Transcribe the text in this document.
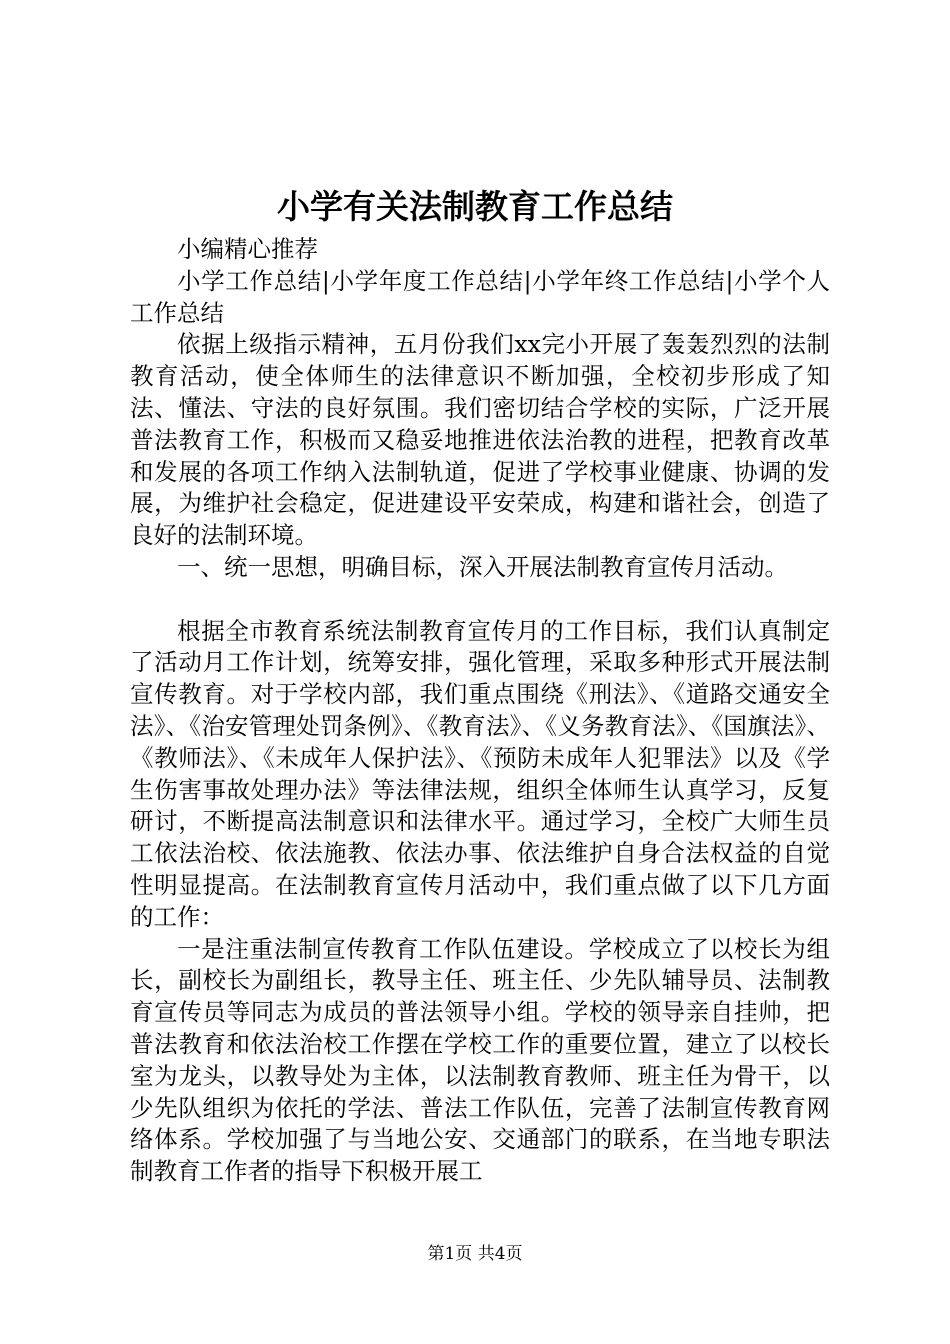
小学有关法制教育工作总结

小编精心推荐

小学工作总结|小学年度工作总结|小学年终工作总结|小学个人工作总结

依据上级指示精神，五月份我们xx完小开展了轰轰烈烈的法制教育活动，使全体师生的法律意识不断加强，全校初步形成了知法、懂法、守法的良好氛围。我们密切结合学校的实际，广泛开展普法教育工作，积极而又稳妥地推进依法治教的进程，把教育改革和发展的各项工作纳入法制轨道，促进了学校事业健康、协调的发展，为维护社会稳定，促进建设平安荣成，构建和谐社会，创造了良好的法制环境。

一、统一思想，明确目标，深入开展法制教育宣传月活动。

根据全市教育系统法制教育宣传月的工作目标，我们认真制定了活动月工作计划，统筹安排，强化管理，采取多种形式开展法制宣传教育。对于学校内部，我们重点围绕《刑法》、《道路交通安全法》、《治安管理处罚条例》、《教育法》、《义务教育法》、《国旗法》、《教师法》、《未成年人保护法》、《预防未成年人犯罪法》以及《学生伤害事故处理办法》等法律法规，组织全体师生认真学习，反复研讨，不断提高法制意识和法律水平。通过学习，全校广大师生员工依法治校、依法施教、依法办事、依法维护自身合法权益的自觉性明显提高。在法制教育宣传月活动中，我们重点做了以下几方面的工作：

一是注重法制宣传教育工作队伍建设。学校成立了以校长为组长，副校长为副组长，教导主任、班主任、少先队辅导员、法制教育宣传员等同志为成员的普法领导小组。学校的领导亲自挂帅，把普法教育和依法治校工作摆在学校工作的重要位置，建立了以校长室为龙头，以教导处为主体，以法制教育教师、班主任为骨干，以少先队组织为依托的学法、普法工作队伍，完善了法制宣传教育网络体系。学校加强了与当地公安、交通部门的联系，在当地专职法制教育工作者的指导下积极开展工

第1页 共4页
